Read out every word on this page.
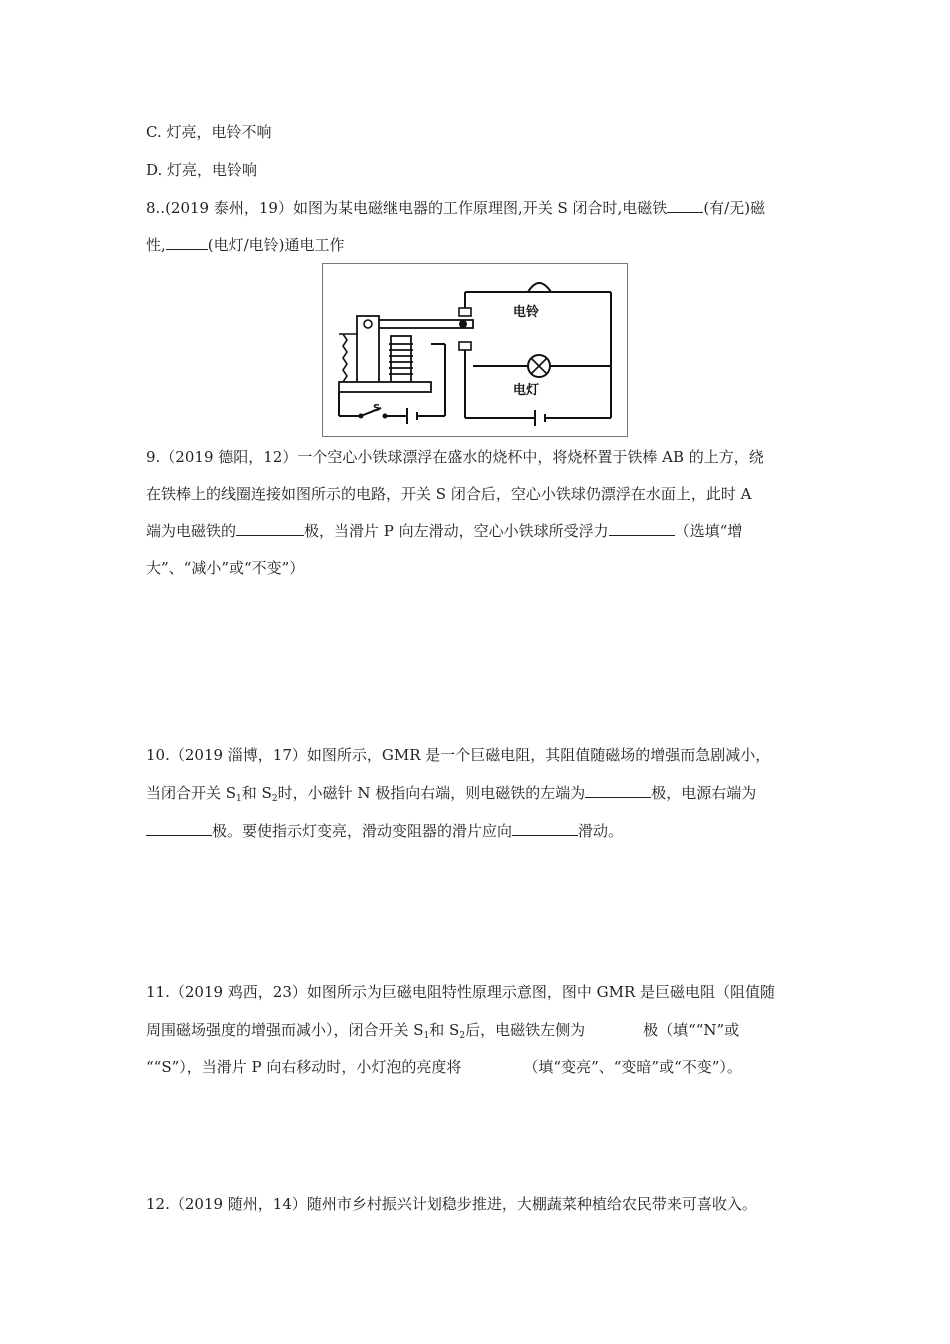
C. 灯亮，电铃不响
D. 灯亮，电铃响
8..(2019 泰州，19）如图为某电磁继电器的工作原理图,开关 S 闭合时,电磁铁 (有/无)磁
性,	(电灯/电铃)通电工作
电铃
电灯
S
9.（2019 德阳，12）一个空心小铁球漂浮在盛水的烧杯中，将烧杯置于铁棒 AB 的上方，绕
在铁棒上的线圈连接如图所示的电路，开关 S 闭合后，空心小铁球仍漂浮在水面上，此时 A
端为电磁铁的	极，当滑片 P 向左滑动，空心小铁球所受浮力	（选填“增
大”、“减小”或“不变”）
10.（2019 淄博，17）如图所示，GMR 是一个巨磁电阻，其阻值随磁场的增强而急剧减小，
当闭合开关 $S_1$和 $S_2$时，小磁针 N 极指向右端，则电磁铁的左端为	极，电源右端为
极。要使指示灯变亮，滑动变阻器的滑片应向	滑动。
11.（2019 鸡西，23）如图所示为巨磁电阻特性原理示意图，图中 GMR 是巨磁电阻（阻值随
周围磁场强度的增强而减小），闭合开关 $S_1$和 $S_2$后，电磁铁左侧为	极（填““N”或
““S”），当滑片 P 向右移动时，小灯泡的亮度将	（填“变亮”、“变暗”或“不变”）。
12.（2019 随州，14）随州市乡村振兴计划稳步推进，大棚蔬菜种植给农民带来可喜收入。
